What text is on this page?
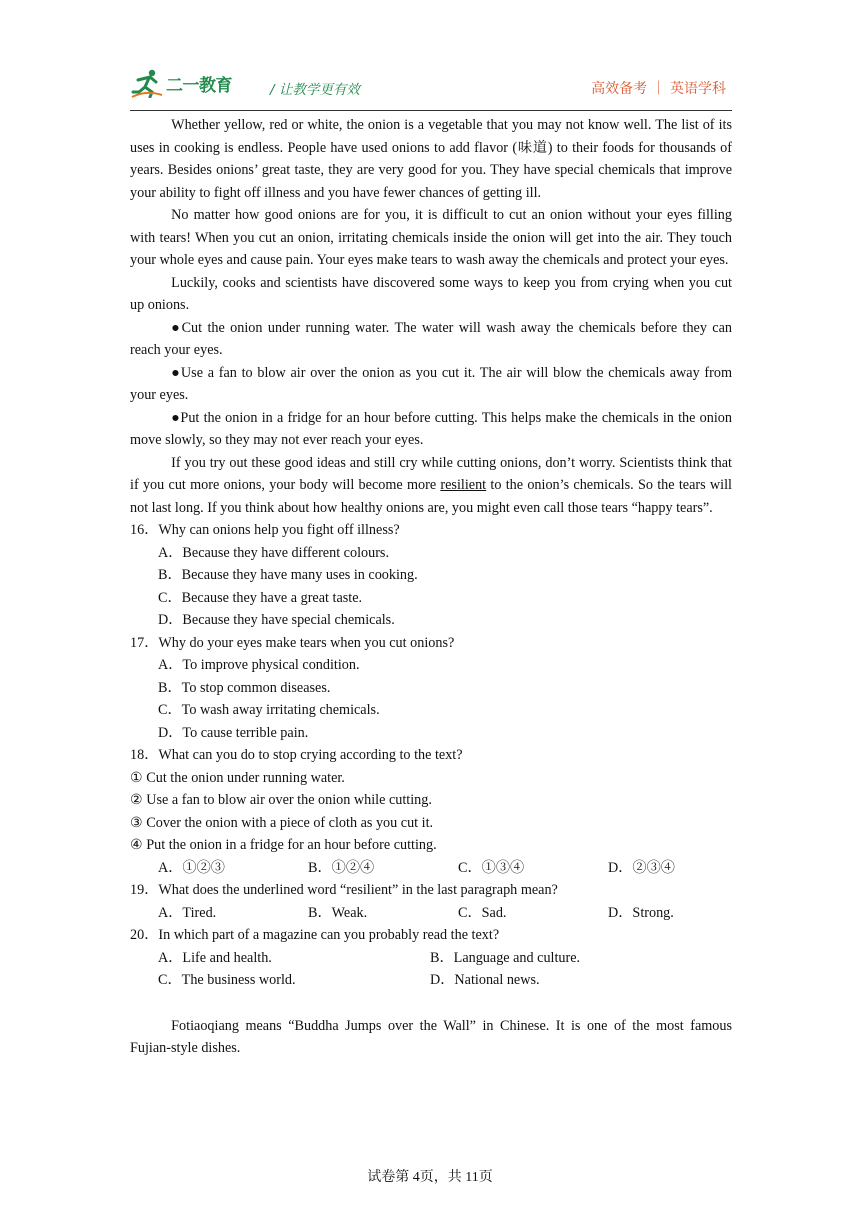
二一教育	/ 让教学更有效	高效备考 ｜ 英语学科

Whether yellow, red or white, the onion is a vegetable that you may not know well. The list of its uses in cooking is endless. People have used onions to add flavor (味道) to their foods for thousands of years. Besides onions’ great taste, they are very good for you. They have special chemicals that improve your ability to fight off illness and you have fewer chances of getting ill.

No matter how good onions are for you, it is difficult to cut an onion without your eyes filling with tears! When you cut an onion, irritating chemicals inside the onion will get into the air. They touch your whole eyes and cause pain. Your eyes make tears to wash away the chemicals and protect your eyes.

Luckily, cooks and scientists have discovered some ways to keep you from crying when you cut up onions.

●Cut the onion under running water. The water will wash away the chemicals before they can reach your eyes.

●Use a fan to blow air over the onion as you cut it. The air will blow the chemicals away from your eyes.

●Put the onion in a fridge for an hour before cutting. This helps make the chemicals in the onion move slowly, so they may not ever reach your eyes.

If you try out these good ideas and still cry while cutting onions, don’t worry. Scientists think that if you cut more onions, your body will become more resilient to the onion’s chemicals. So the tears will not last long. If you think about how healthy onions are, you might even call those tears “happy tears”.

16．Why can onions help you fight off illness?
A．Because they have different colours.
B．Because they have many uses in cooking.
C．Because they have a great taste.
D．Because they have special chemicals.
17．Why do your eyes make tears when you cut onions?
A．To improve physical condition.
B．To stop common diseases.
C．To wash away irritating chemicals.
D．To cause terrible pain.
18．What can you do to stop crying according to the text?
① Cut the onion under running water.
② Use a fan to blow air over the onion while cutting.
③ Cover the onion with a piece of cloth as you cut it.
④ Put the onion in a fridge for an hour before cutting.
A．①②③	B．①②④	C．①③④	D．②③④
19．What does the underlined word “resilient” in the last paragraph mean?
A．Tired.	B．Weak.	C．Sad.	D．Strong.
20．In which part of a magazine can you probably read the text?
A．Life and health.	B．Language and culture.
C．The business world.	D．National news.

Fotiaoqiang means “Buddha Jumps over the Wall” in Chinese. It is one of the most famous Fujian-style dishes.

试卷第 4页，共 11页
